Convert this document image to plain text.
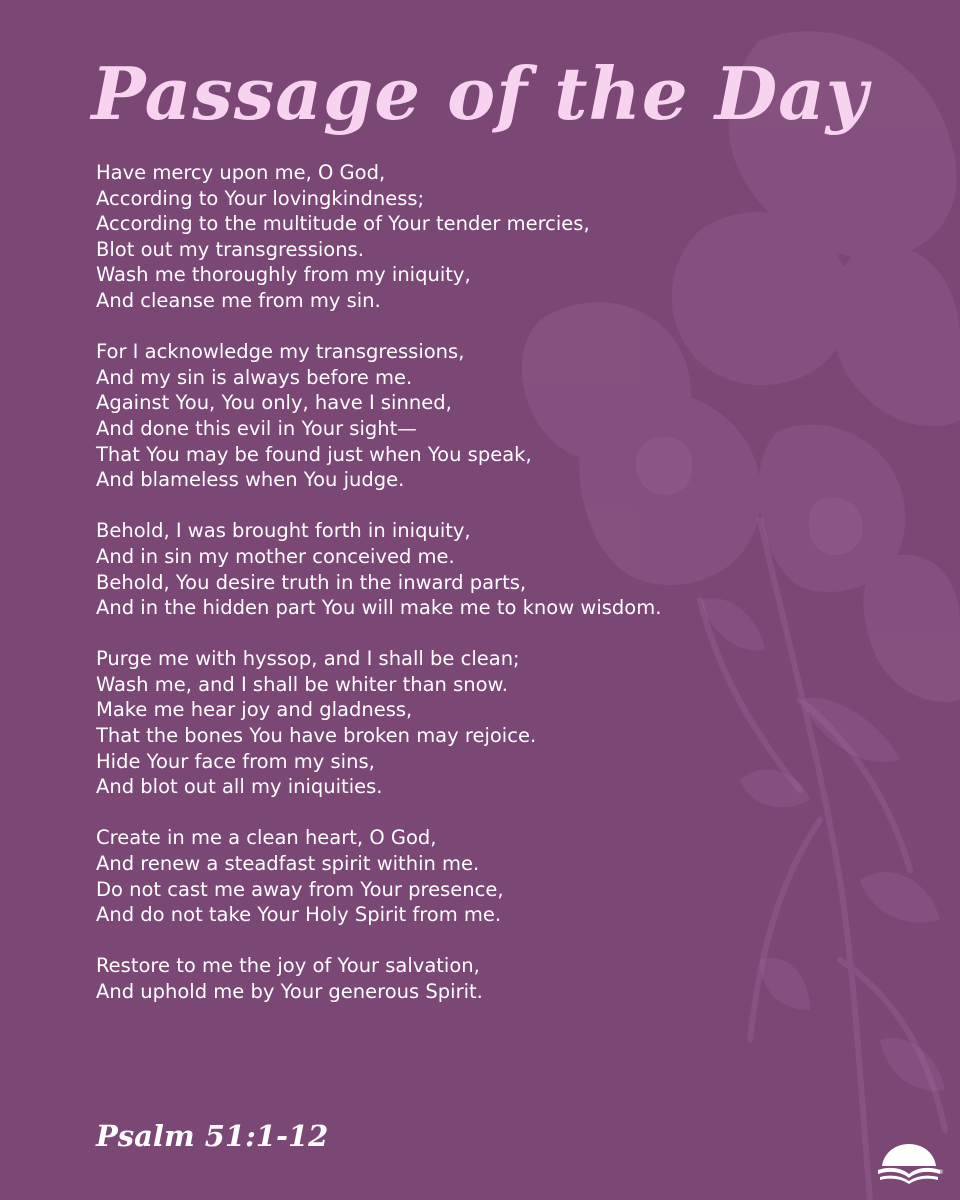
Passage of the Day

Have mercy upon me, O God,
According to Your lovingkindness;
According to the multitude of Your tender mercies,
Blot out my transgressions.
Wash me thoroughly from my iniquity,
And cleanse me from my sin.

For I acknowledge my transgressions,
And my sin is always before me.
Against You, You only, have I sinned,
And done this evil in Your sight—
That You may be found just when You speak,
And blameless when You judge.

Behold, I was brought forth in iniquity,
And in sin my mother conceived me.
Behold, You desire truth in the inward parts,
And in the hidden part You will make me to know wisdom.

Purge me with hyssop, and I shall be clean;
Wash me, and I shall be whiter than snow.
Make me hear joy and gladness,
That the bones You have broken may rejoice.
Hide Your face from my sins,
And blot out all my iniquities.

Create in me a clean heart, O God,
And renew a steadfast spirit within me.
Do not cast me away from Your presence,
And do not take Your Holy Spirit from me.

Restore to me the joy of Your salvation,
And uphold me by Your generous Spirit.

Psalm 51:1-12
®
